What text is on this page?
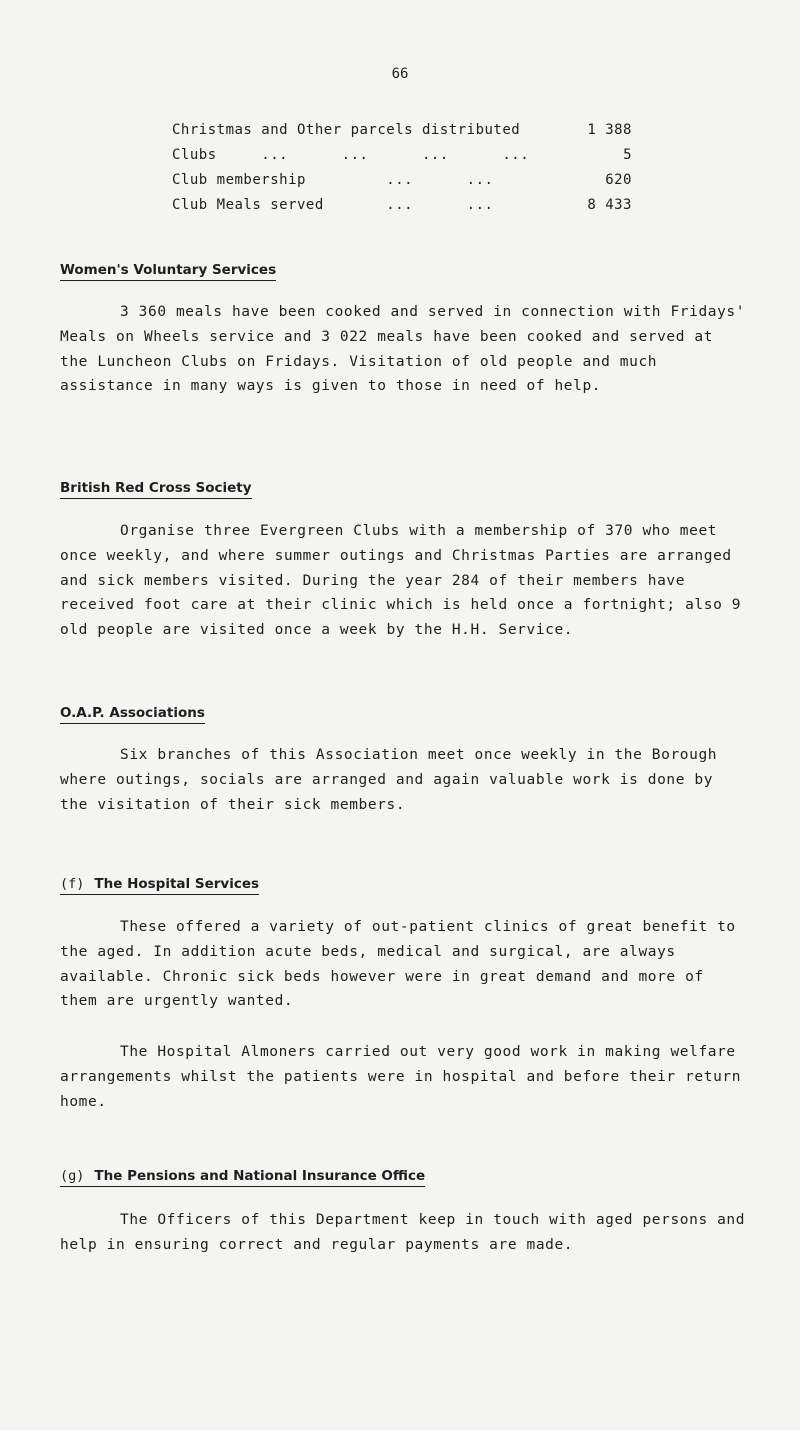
66
Christmas and Other parcels distributed	1 388
Clubs     ...      ...      ...      ...	5
Club membership         ...      ...	620
Club Meals served       ...      ...	8 433
Women's Voluntary Services

3 360 meals have been cooked and served in connection with Fridays' Meals on Wheels service and 3 022 meals have been cooked and served at the Luncheon Clubs on Fridays. Visitation of old people and much assistance in many ways is given to those in need of help.

British Red Cross Society

Organise three Evergreen Clubs with a membership of 370 who meet once weekly, and where summer outings and Christmas Parties are arranged and sick members visited. During the year 284 of their members have received foot care at their clinic which is held once a fortnight; also 9 old people are visited once a week by the H.H. Service.

O.A.P. Associations

Six branches of this Association meet once weekly in the Borough where outings, socials are arranged and again valuable work is done by the visitation of their sick members.

(f) The Hospital Services

These offered a variety of out-patient clinics of great benefit to the aged. In addition acute beds, medical and surgical, are always available. Chronic sick beds however were in great demand and more of them are urgently wanted.

The Hospital Almoners carried out very good work in making welfare arrangements whilst the patients were in hospital and before their return home.

(g) The Pensions and National Insurance Office

The Officers of this Department keep in touch with aged persons and help in ensuring correct and regular payments are made.
